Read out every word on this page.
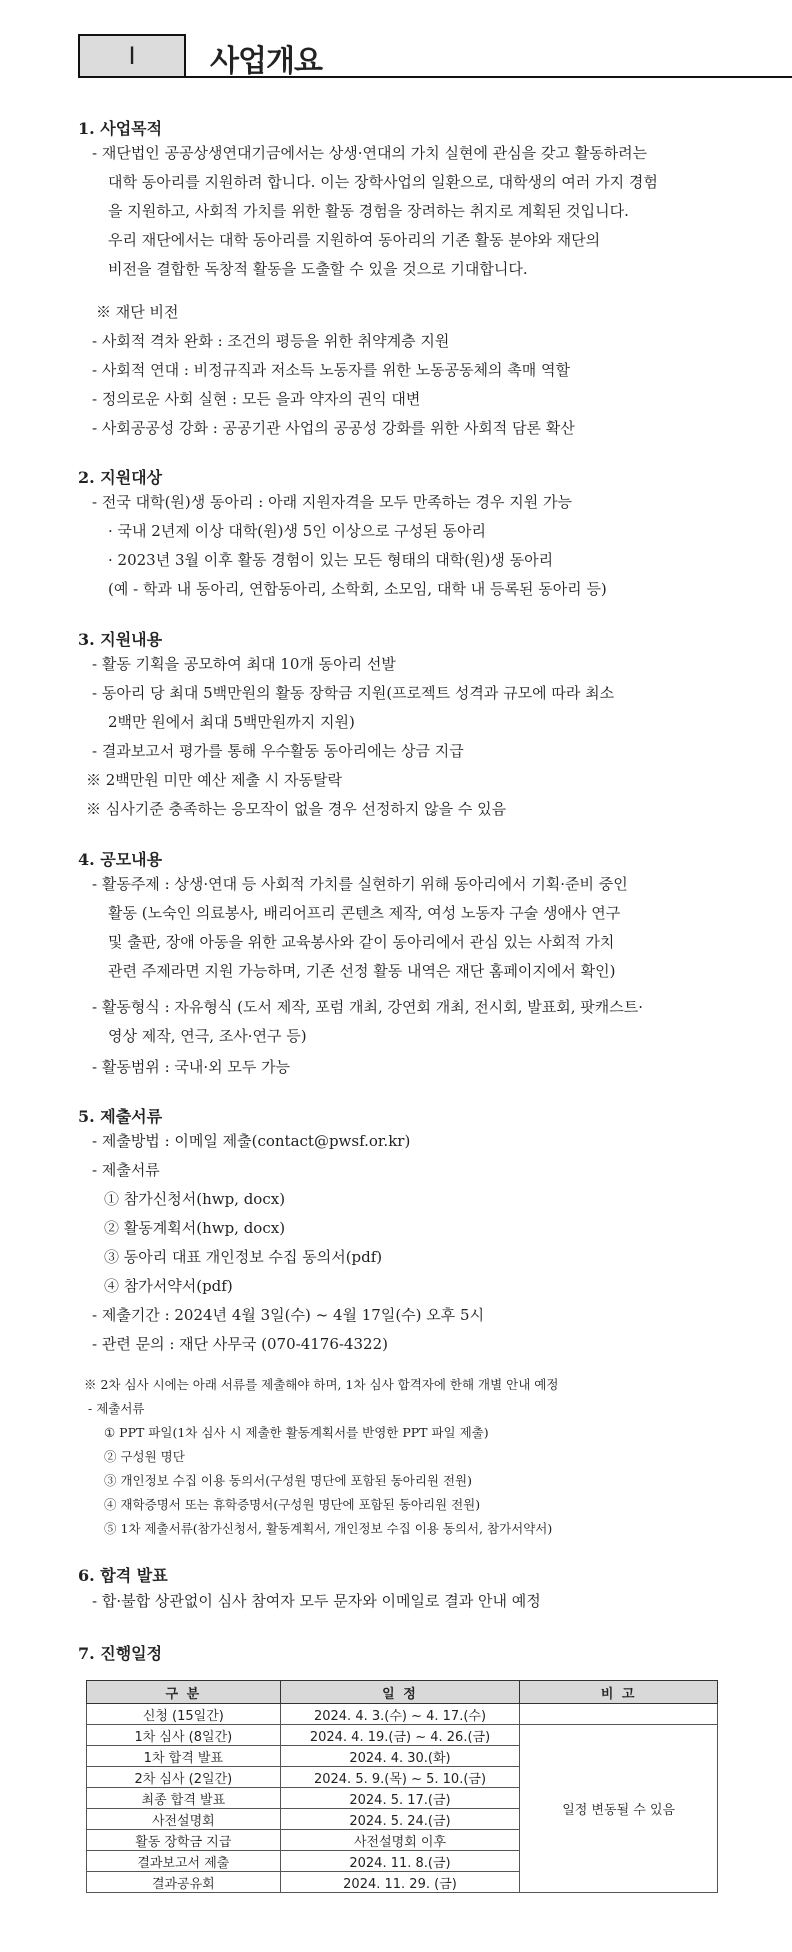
Ⅰ	사업개요
1. 사업목적
- 재단법인 공공상생연대기금에서는 상생·연대의 가치 실현에 관심을 갖고 활동하려는
대학 동아리를 지원하려 합니다. 이는 장학사업의 일환으로, 대학생의 여러 가지 경험
을 지원하고, 사회적 가치를 위한 활동 경험을 장려하는 취지로 계획된 것입니다.
우리 재단에서는 대학 동아리를 지원하여 동아리의 기존 활동 분야와 재단의
비전을 결합한 독창적 활동을 도출할 수 있을 것으로 기대합니다.
※ 재단 비전
- 사회적 격차 완화 : 조건의 평등을 위한 취약계층 지원
- 사회적 연대 : 비정규직과 저소득 노동자를 위한 노동공동체의 촉매 역할
- 정의로운 사회 실현 : 모든 을과 약자의 권익 대변
- 사회공공성 강화 : 공공기관 사업의 공공성 강화를 위한 사회적 담론 확산
2. 지원대상
- 전국 대학(원)생 동아리 : 아래 지원자격을 모두 만족하는 경우 지원 가능
· 국내 2년제 이상 대학(원)생 5인 이상으로 구성된 동아리
· 2023년 3월 이후 활동 경험이 있는 모든 형태의 대학(원)생 동아리
(예 - 학과 내 동아리, 연합동아리, 소학회, 소모임, 대학 내 등록된 동아리 등)
3. 지원내용
- 활동 기획을 공모하여 최대 10개 동아리 선발
- 동아리 당 최대 5백만원의 활동 장학금 지원(프로젝트 성격과 규모에 따라 최소
2백만 원에서 최대 5백만원까지 지원)
- 결과보고서 평가를 통해 우수활동 동아리에는 상금 지급
※ 2백만원 미만 예산 제출 시 자동탈락
※ 심사기준 충족하는 응모작이 없을 경우 선정하지 않을 수 있음
4. 공모내용
- 활동주제 : 상생·연대 등 사회적 가치를 실현하기 위해 동아리에서 기획·준비 중인
활동 (노숙인 의료봉사, 배리어프리 콘텐츠 제작, 여성 노동자 구술 생애사 연구
및 출판, 장애 아동을 위한 교육봉사와 같이 동아리에서 관심 있는 사회적 가치
관련 주제라면 지원 가능하며, 기존 선정 활동 내역은 재단 홈페이지에서 확인)
- 활동형식 : 자유형식 (도서 제작, 포럼 개최, 강연회 개최, 전시회, 발표회, 팟캐스트·
영상 제작, 연극, 조사·연구 등)
- 활동범위 : 국내·외 모두 가능
5. 제출서류
- 제출방법 : 이메일 제출(contact@pwsf.or.kr)
- 제출서류
① 참가신청서(hwp, docx)
② 활동계획서(hwp, docx)
③ 동아리 대표 개인정보 수집 동의서(pdf)
④ 참가서약서(pdf)
- 제출기간 : 2024년 4월 3일(수) ~ 4월 17일(수) 오후 5시
- 관련 문의 : 재단 사무국 (070-4176-4322)
※ 2차 심사 시에는 아래 서류를 제출해야 하며, 1차 심사 합격자에 한해 개별 안내 예정
- 제출서류
① PPT 파일(1차 심사 시 제출한 활동계획서를 반영한 PPT 파일 제출)
② 구성원 명단
③ 개인정보 수집 이용 동의서(구성원 명단에 포함된 동아리원 전원)
④ 재학증명서 또는 휴학증명서(구성원 명단에 포함된 동아리원 전원)
⑤ 1차 제출서류(참가신청서, 활동계획서, 개인정보 수집 이용 동의서, 참가서약서)
6. 합격 발표
- 합·불합 상관없이 심사 참여자 모두 문자와 이메일로 결과 안내 예정
7. 진행일정
구 분	일 정	비 고
신청 (15일간)	2024. 4. 3.(수) ~ 4. 17.(수)	
1차 심사 (8일간)	2024. 4. 19.(금) ~ 4. 26.(금)	일정 변동될 수 있음
1차 합격 발표	2024. 4. 30.(화)	
2차 심사 (2일간)	2024. 5. 9.(목) ~ 5. 10.(금)	
최종 합격 발표	2024. 5. 17.(금)	
사전설명회	2024. 5. 24.(금)	
활동 장학금 지급	사전설명회 이후	
결과보고서 제출	2024. 11. 8.(금)	
결과공유회	2024. 11. 29. (금)	
